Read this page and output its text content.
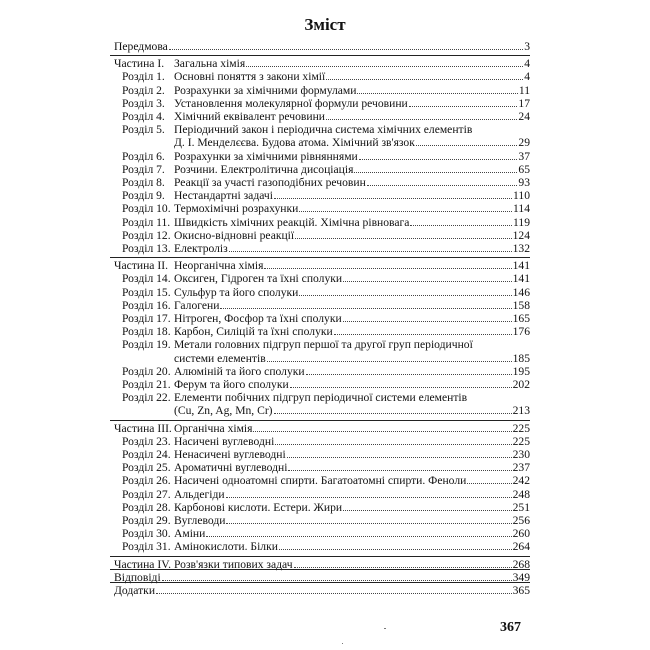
Зміст
Передмова	3
Частина І. Загальна хімія	4
Розділ 1. Основні поняття з закони хімії	4
Розділ 2. Розрахунки за хімічними формулами	11
Розділ 3. Установлення молекулярної формули речовини	17
Розділ 4. Хімічний еквівалент речовини	24
Розділ 5. Періодичний закон і періодична система хімічних елементів
Д. І. Менделєєва. Будова атома. Хімічний зв'язок	29
Розділ 6. Розрахунки за хімічними рівняннями	37
Розділ 7. Розчини. Електролітична дисоціація	65
Розділ 8. Реакції за участі газоподібних речовин	93
Розділ 9. Нестандартні задачі	110
Розділ 10. Термохімічні розрахунки	114
Розділ 11. Швидкість хімічних реакцій. Хімічна рівновага	119
Розділ 12. Окисно-відновні реакції	124
Розділ 13. Електроліз	132
Частина ІІ. Неорганічна хімія	141
Розділ 14. Оксиген, Гідроген та їхні сполуки	141
Розділ 15. Сульфур та його сполуки	146
Розділ 16. Галогени	158
Розділ 17. Нітроген, Фосфор та їхні сполуки	165
Розділ 18. Карбон, Силіцій та їхні сполуки	176
Розділ 19. Метали головних підгруп першої та другої груп періодичної
системи елементів	185
Розділ 20. Алюміній та його сполуки	195
Розділ 21. Ферум та його сполуки	202
Розділ 22. Елементи побічних підгруп періодичної системи елементів
(Cu, Zn, Ag, Mn, Cr)	213
Частина ІІІ. Органічна хімія	225
Розділ 23. Насичені вуглеводні	225
Розділ 24. Ненасичені вуглеводні	230
Розділ 25. Ароматичні вуглеводні	237
Розділ 26. Насичені одноатомні спирти. Багатоатомні спирти. Феноли	242
Розділ 27. Альдегіди	248
Розділ 28. Карбонові кислоти. Естери. Жири	251
Розділ 29. Вуглеводи	256
Розділ 30. Аміни	260
Розділ 31. Амінокислоти. Білки	264
Частина IV. Розв'язки типових задач	268
Відповіді	349
Додатки	365
367
